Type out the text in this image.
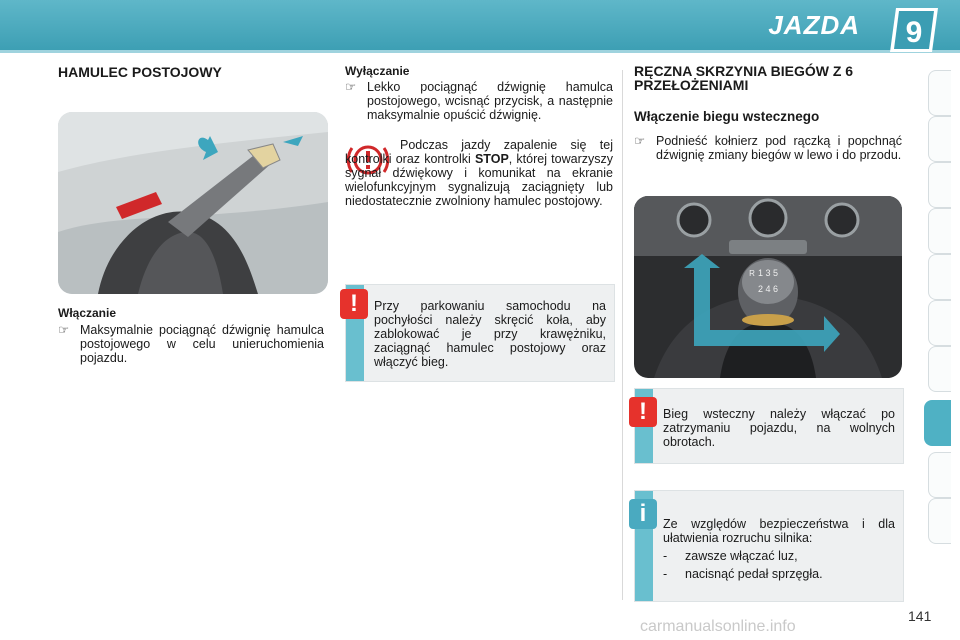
JAZDA 9
HAMULEC POSTOJOWY
Włączanie
☞ Maksymalnie pociągnąć dźwignię hamulca postojowego w celu unieruchomienia pojazdu.
Wyłączanie
☞ Lekko pociągnąć dźwignię hamulca postojowego, wcisnąć przycisk, a następnie maksymalnie opuścić dźwignię.
Podczas jazdy zapalenie się tej kontrolki oraz kontrolki STOP, której towarzyszy sygnał dźwiękowy i komunikat na ekranie wielofunkcyjnym sygnalizują zaciągnięty lub niedostatecznie zwolniony hamulec postojowy.
!	Przy parkowaniu samochodu na pochyłości należy skręcić koła, aby zablokować je przy krawężniku, zaciągnąć hamulec postojowy oraz włączyć bieg.
RĘCZNA SKRZYNIA BIEGÓW Z 6 PRZEŁOŻENIAMI
Włączenie biegu wstecznego
☞ Podnieść kołnierz pod rączką i popchnąć dźwignię zmiany biegów w lewo i do przodu.
1 3 5
2 4 6
R
!	Bieg wsteczny należy włączać po zatrzymaniu pojazdu, na wolnych obrotach.
i	Ze względów bezpieczeństwa i dla ułatwienia rozruchu silnika:
- zawsze włączać luz,
- nacisnąć pedał sprzęgła.
carmanualsonline.info
141
